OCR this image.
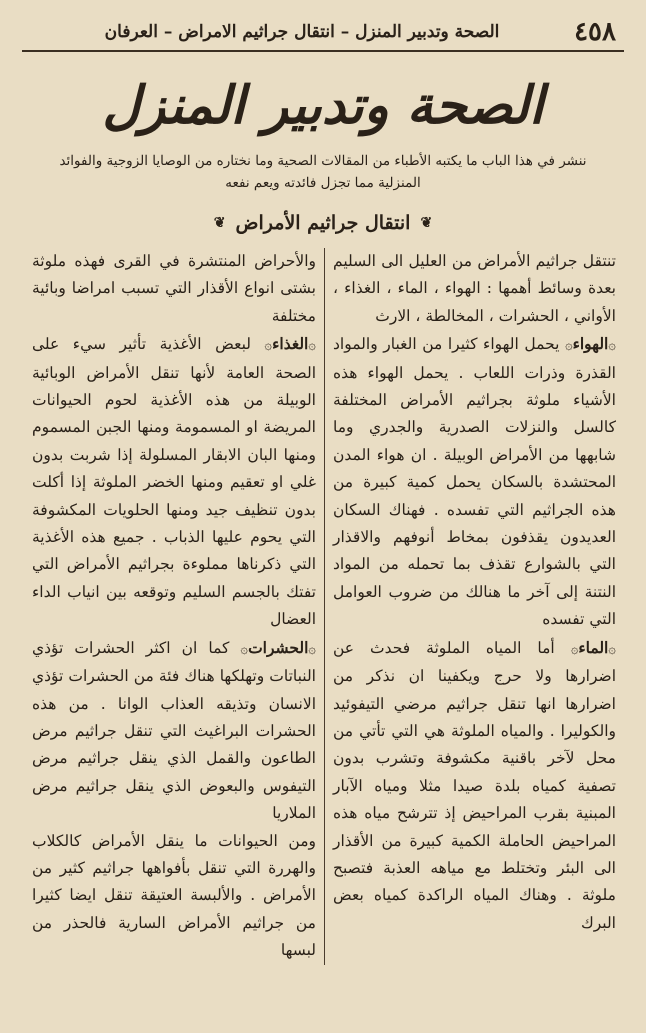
٤٥٨
الصحة وتدبير المنزل – انتقال جراثيم الامراض – العرفان
الصحة وتدبير المنزل
ننشر في هذا الباب ما يكتبه الأطباء من المقالات الصحية وما نختاره من الوصايا الزوجية والفوائد المنزلية مما تجزل فائدته ويعم نفعه
❦
انتقال جراثيم الأمراض
❦

تنتقل جراثيم الأمراض من العليل الى السليم بعدة وسائط أهمها : الهواء ، الماء ، الغذاء ، الأواني ، الحشرات ، المخالطة ، الارث

۞الهواء۞ يحمل الهواء كثيرا من الغبار والمواد القذرة وذرات اللعاب . يحمل الهواء هذه الأشياء ملوثة بجراثيم الأمراض المختلفة كالسل والنزلات الصدرية والجدري وما شابهها من الأمراض الوبيلة . ان هواء المدن المحتشدة بالسكان يحمل كمية كبيرة من هذه الجراثيم التي تفسده . فهناك السكان العديدون يقذفون بمخاط أنوفهم والاقذار التي بالشوارع تقذف بما تحمله من المواد النتنة إلى آخر ما هنالك من ضروب العوامل التي تفسده

۞الماء۞ أما المياه الملوثة فحدث عن اضرارها ولا حرج ويكفينا ان نذكر من اضرارها انها تنقل جراثيم مرضي التيفوئيد والكوليرا . والمياه الملوثة هي التي تأتي من محل لآخر باقنية مكشوفة وتشرب بدون تصفية كمياه بلدة صيدا مثلا ومياه الآبار المبنية بقرب المراحيض إذ تترشح مياه هذه المراحيض الحاملة الكمية كبيرة من الأقذار الى البئر وتختلط مع مياهه العذبة فتصبح ملوثة . وهناك المياه الراكدة كمياه بعض البرك

والأحراض المنتشرة في القرى فهذه ملوثة بشتى انواع الأقذار التي تسبب امراضا وبائية مختلفة

۞الغذاء۞ لبعض الأغذية تأثير سيء على الصحة العامة لأنها تنقل الأمراض الوبائية الوبيلة من هذه الأغذية لحوم الحيوانات المريضة او المسمومة ومنها الجبن المسموم ومنها البان الابقار المسلولة إذا شربت بدون غلي او تعقيم ومنها الخضر الملوثة إذا أكلت بدون تنظيف جيد ومنها الحلويات المكشوفة التي يحوم عليها الذباب . جميع هذه الأغذية التي ذكرناها مملوءة بجراثيم الأمراض التي تفتك بالجسم السليم وتوقعه بين انياب الداء العضال

۞الحشرات۞ كما ان اكثر الحشرات تؤذي النباتات وتهلكها هناك فئة من الحشرات تؤذي الانسان وتذيقه العذاب الوانا . من هذه الحشرات البراغيث التي تنقل جراثيم مرض الطاعون والقمل الذي ينقل جراثيم مرض التيفوس والبعوض الذي ينقل جراثيم مرض الملاريا

ومن الحيوانات ما ينقل الأمراض كالكلاب والهررة التي تنقل بأفواهها جراثيم كثير من الأمراض . والألبسة العتيقة تنقل ايضا كثيرا من جراثيم الأمراض السارية فالحذر من لبسها
